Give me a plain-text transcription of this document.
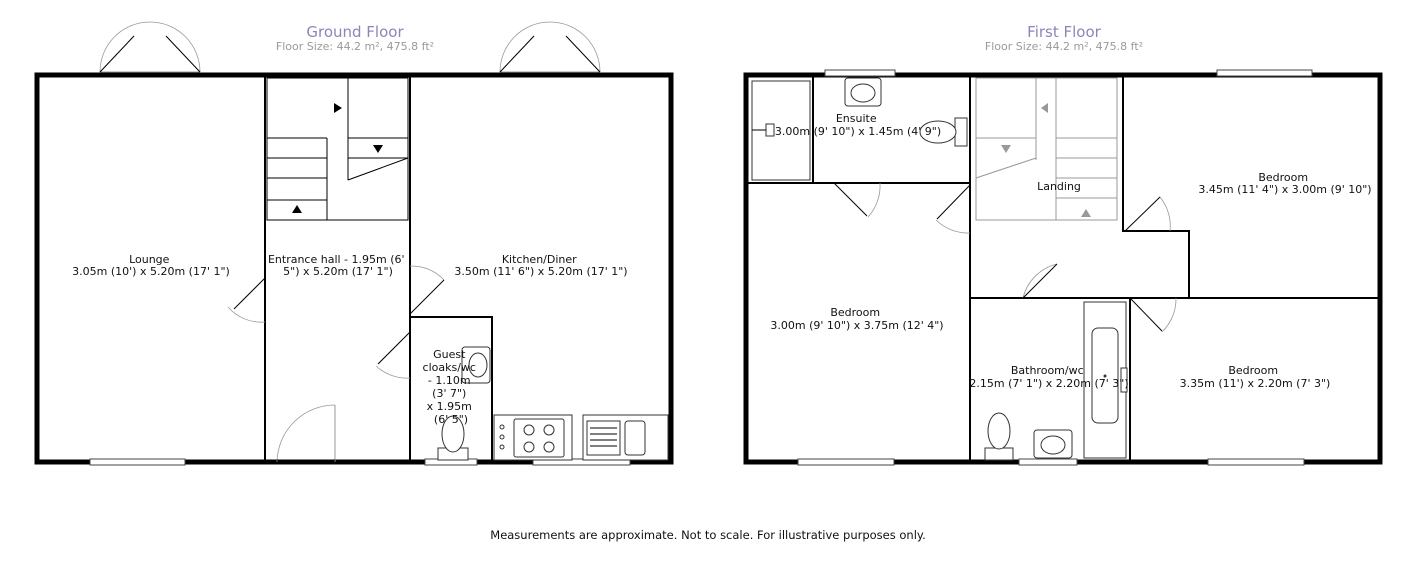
Ground Floor
Floor Size: 44.2 m², 475.8 ft²
Lounge 3.05m (10') x 5.20m (17' 1")
Entrance hall - 1.95m (6' 5") x 5.20m (17' 1")
Kitchen/Diner 3.50m (11' 6") x 5.20m (17' 1")
Guest cloaks/wc - 1.10m (3' 7") x 1.95m (6' 5")
First Floor
Floor Size: 44.2 m², 475.8 ft²
Ensuite 3.00m (9' 10") x 1.45m (4' 9")
Landing
Bedroom 3.45m (11' 4") x 3.00m (9' 10")
Bedroom 3.00m (9' 10") x 3.75m (12' 4")
Bathroom/wc 2.15m (7' 1") x 2.20m (7' 3")
Bedroom 3.35m (11') x 2.20m (7' 3")
Measurements are approximate. Not to scale. For illustrative purposes only.
